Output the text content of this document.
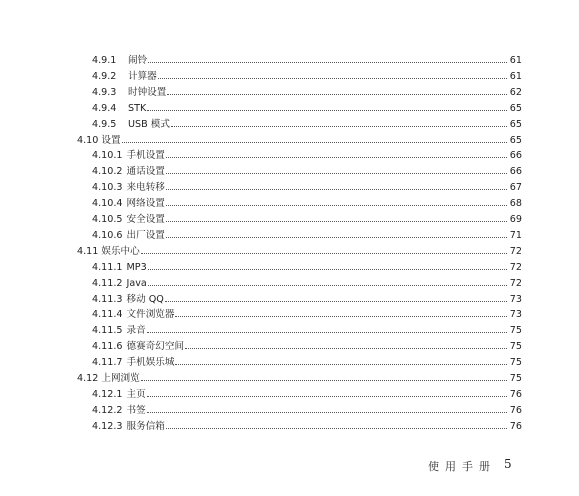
4.9.1	闹铃	61
4.9.2	计算器	61
4.9.3	时钟设置	62
4.9.4	STK	65
4.9.5	USB 模式	65
4.10 设置	65
4.10.1 手机设置	66
4.10.2 通话设置	66
4.10.3 来电转移	67
4.10.4 网络设置	68
4.10.5 安全设置	69
4.10.6 出厂设置	71
4.11 娱乐中心	72
4.11.1 MP3	72
4.11.2 Java	72
4.11.3 移动 QQ	73
4.11.4 文件浏览器	73
4.11.5 录音	75
4.11.6 德赛奇幻空间	75
4.11.7 手机娱乐城	75
4.12 上网浏览	75
4.12.1 主页	76
4.12.2 书签	76
4.12.3 服务信箱	76
使用手册 5
